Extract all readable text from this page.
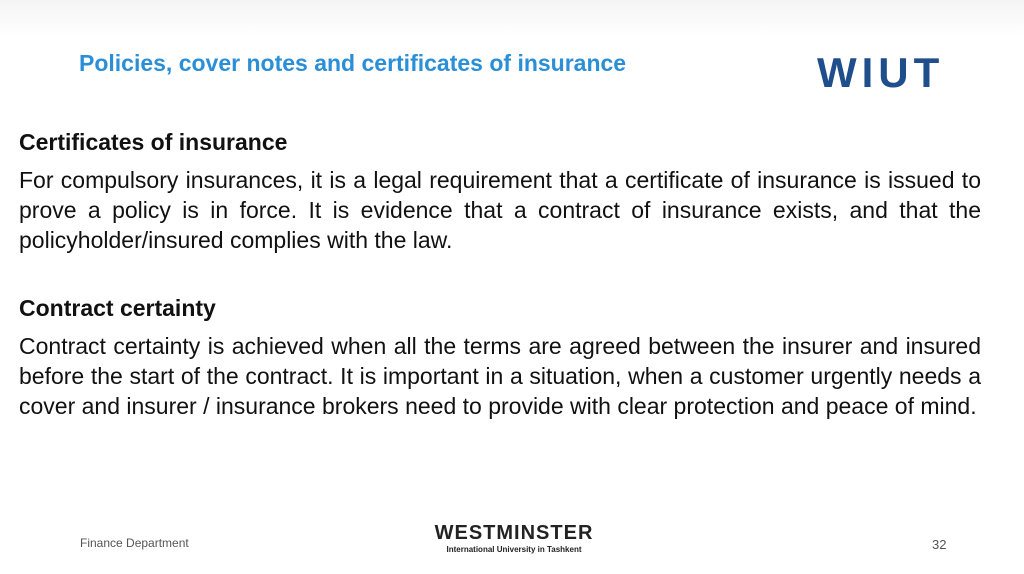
Policies, cover notes and certificates of insurance	WIUT

Certificates of insurance

For compulsory insurances, it is a legal requirement that a certificate of insurance is issued to prove a policy is in force. It is evidence that a contract of insurance exists, and that the policyholder/insured complies with the law.

Contract certainty

Contract certainty is achieved when all the terms are agreed between the insurer and insured before the start of the contract. It is important in a situation, when a customer urgently needs a cover and insurer / insurance brokers need to provide with clear protection and peace of mind.

Finance Department	WESTMINSTER
International University in Tashkent	32
